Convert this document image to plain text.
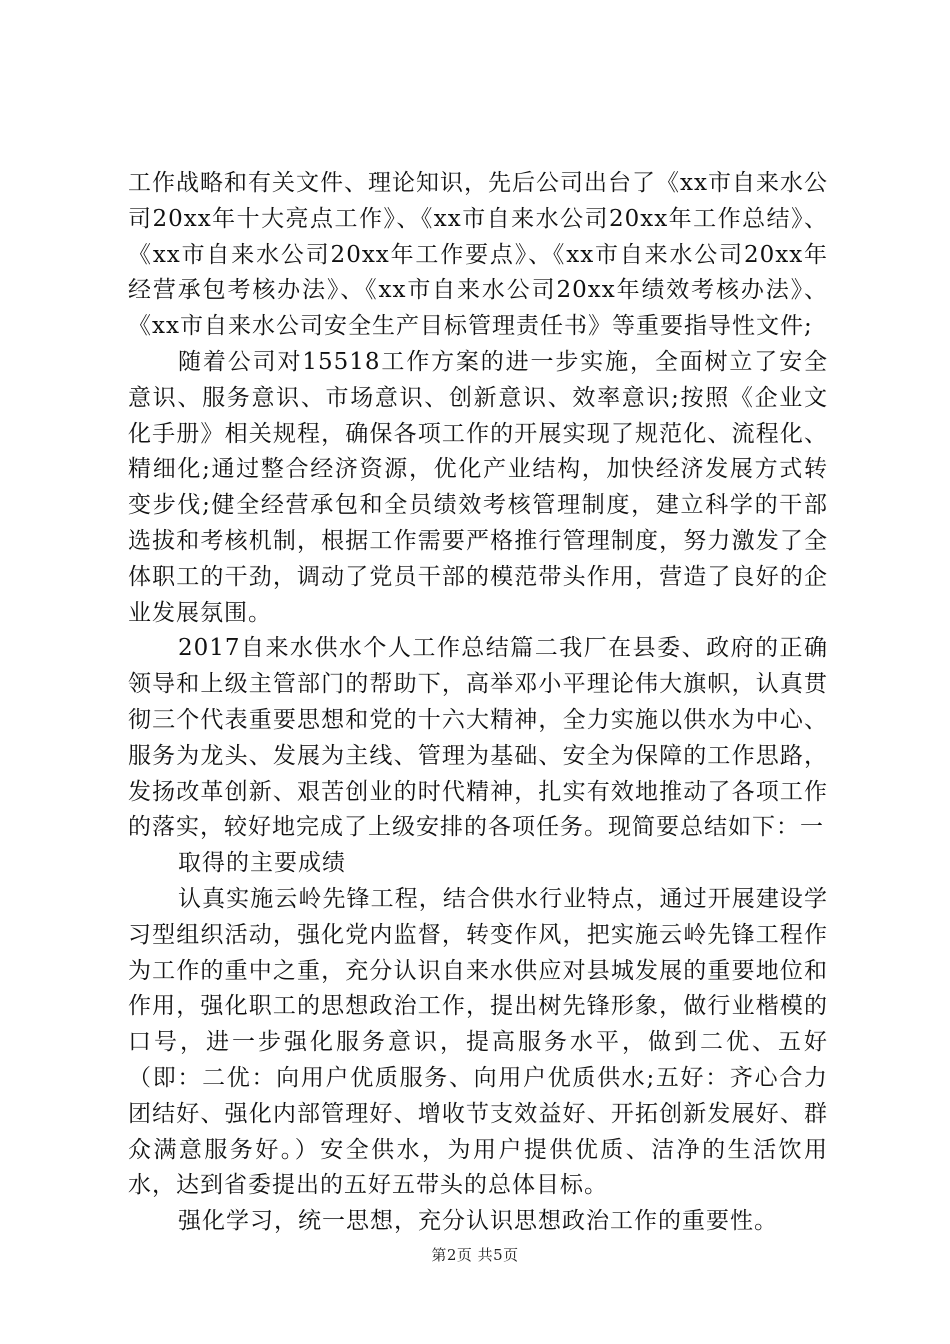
工作战略和有关文件、理论知识，先后公司出台了《xx市自来水公司20xx年十大亮点工作》、《xx市自来水公司20xx年工作总结》、《xx市自来水公司20xx年工作要点》、《xx市自来水公司20xx年经营承包考核办法》、《xx市自来水公司20xx年绩效考核办法》、《xx市自来水公司安全生产目标管理责任书》等重要指导性文件;

随着公司对15518工作方案的进一步实施，全面树立了安全意识、服务意识、市场意识、创新意识、效率意识;按照《企业文化手册》相关规程，确保各项工作的开展实现了规范化、流程化、精细化;通过整合经济资源，优化产业结构，加快经济发展方式转变步伐;健全经营承包和全员绩效考核管理制度，建立科学的干部选拔和考核机制，根据工作需要严格推行管理制度，努力激发了全体职工的干劲，调动了党员干部的模范带头作用，营造了良好的企业发展氛围。

2017自来水供水个人工作总结篇二我厂在县委、政府的正确领导和上级主管部门的帮助下，高举邓小平理论伟大旗帜，认真贯彻三个代表重要思想和党的十六大精神，全力实施以供水为中心、服务为龙头、发展为主线、管理为基础、安全为保障的工作思路，发扬改革创新、艰苦创业的时代精神，扎实有效地推动了各项工作的落实，较好地完成了上级安排的各项任务。现简要总结如下：一

取得的主要成绩

认真实施云岭先锋工程，结合供水行业特点，通过开展建设学习型组织活动，强化党内监督，转变作风，把实施云岭先锋工程作为工作的重中之重，充分认识自来水供应对县城发展的重要地位和作用，强化职工的思想政治工作，提出树先锋形象，做行业楷模的口号，进一步强化服务意识，提高服务水平，做到二优、五好（即：二优：向用户优质服务、向用户优质供水;五好：齐心合力团结好、强化内部管理好、增收节支效益好、开拓创新发展好、群众满意服务好。）安全供水，为用户提供优质、洁净的生活饮用水，达到省委提出的五好五带头的总体目标。

强化学习，统一思想，充分认识思想政治工作的重要性。

第2页 共5页
